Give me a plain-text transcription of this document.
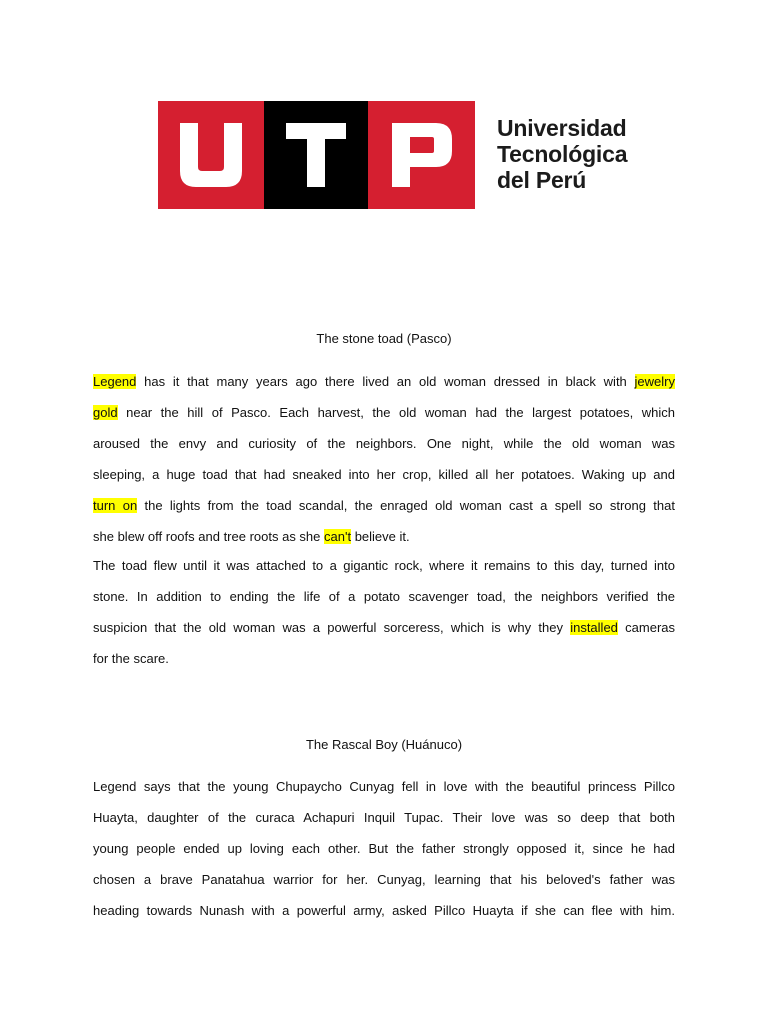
Universidad
Tecnológica
del Perú
The stone toad (Pasco)
Legend has it that many years ago there lived an old woman dressed in black with jewelry
gold near the hill of Pasco. Each harvest, the old woman had the largest potatoes, which
aroused the envy and curiosity of the neighbors. One night, while the old woman was
sleeping, a huge toad that had sneaked into her crop, killed all her potatoes. Waking up and
turn on the lights from the toad scandal, the enraged old woman cast a spell so strong that
she blew off roofs and tree roots as she can't believe it.
The toad flew until it was attached to a gigantic rock, where it remains to this day, turned into
stone. In addition to ending the life of a potato scavenger toad, the neighbors verified the
suspicion that the old woman was a powerful sorceress, which is why they installed cameras
for the scare.
The Rascal Boy (Huánuco)
Legend says that the young Chupaycho Cunyag fell in love with the beautiful princess Pillco
Huayta, daughter of the curaca Achapuri Inquil Tupac. Their love was so deep that both
young people ended up loving each other. But the father strongly opposed it, since he had
chosen a brave Panatahua warrior for her. Cunyag, learning that his beloved's father was
heading towards Nunash with a powerful army, asked Pillco Huayta if she can flee with him.
